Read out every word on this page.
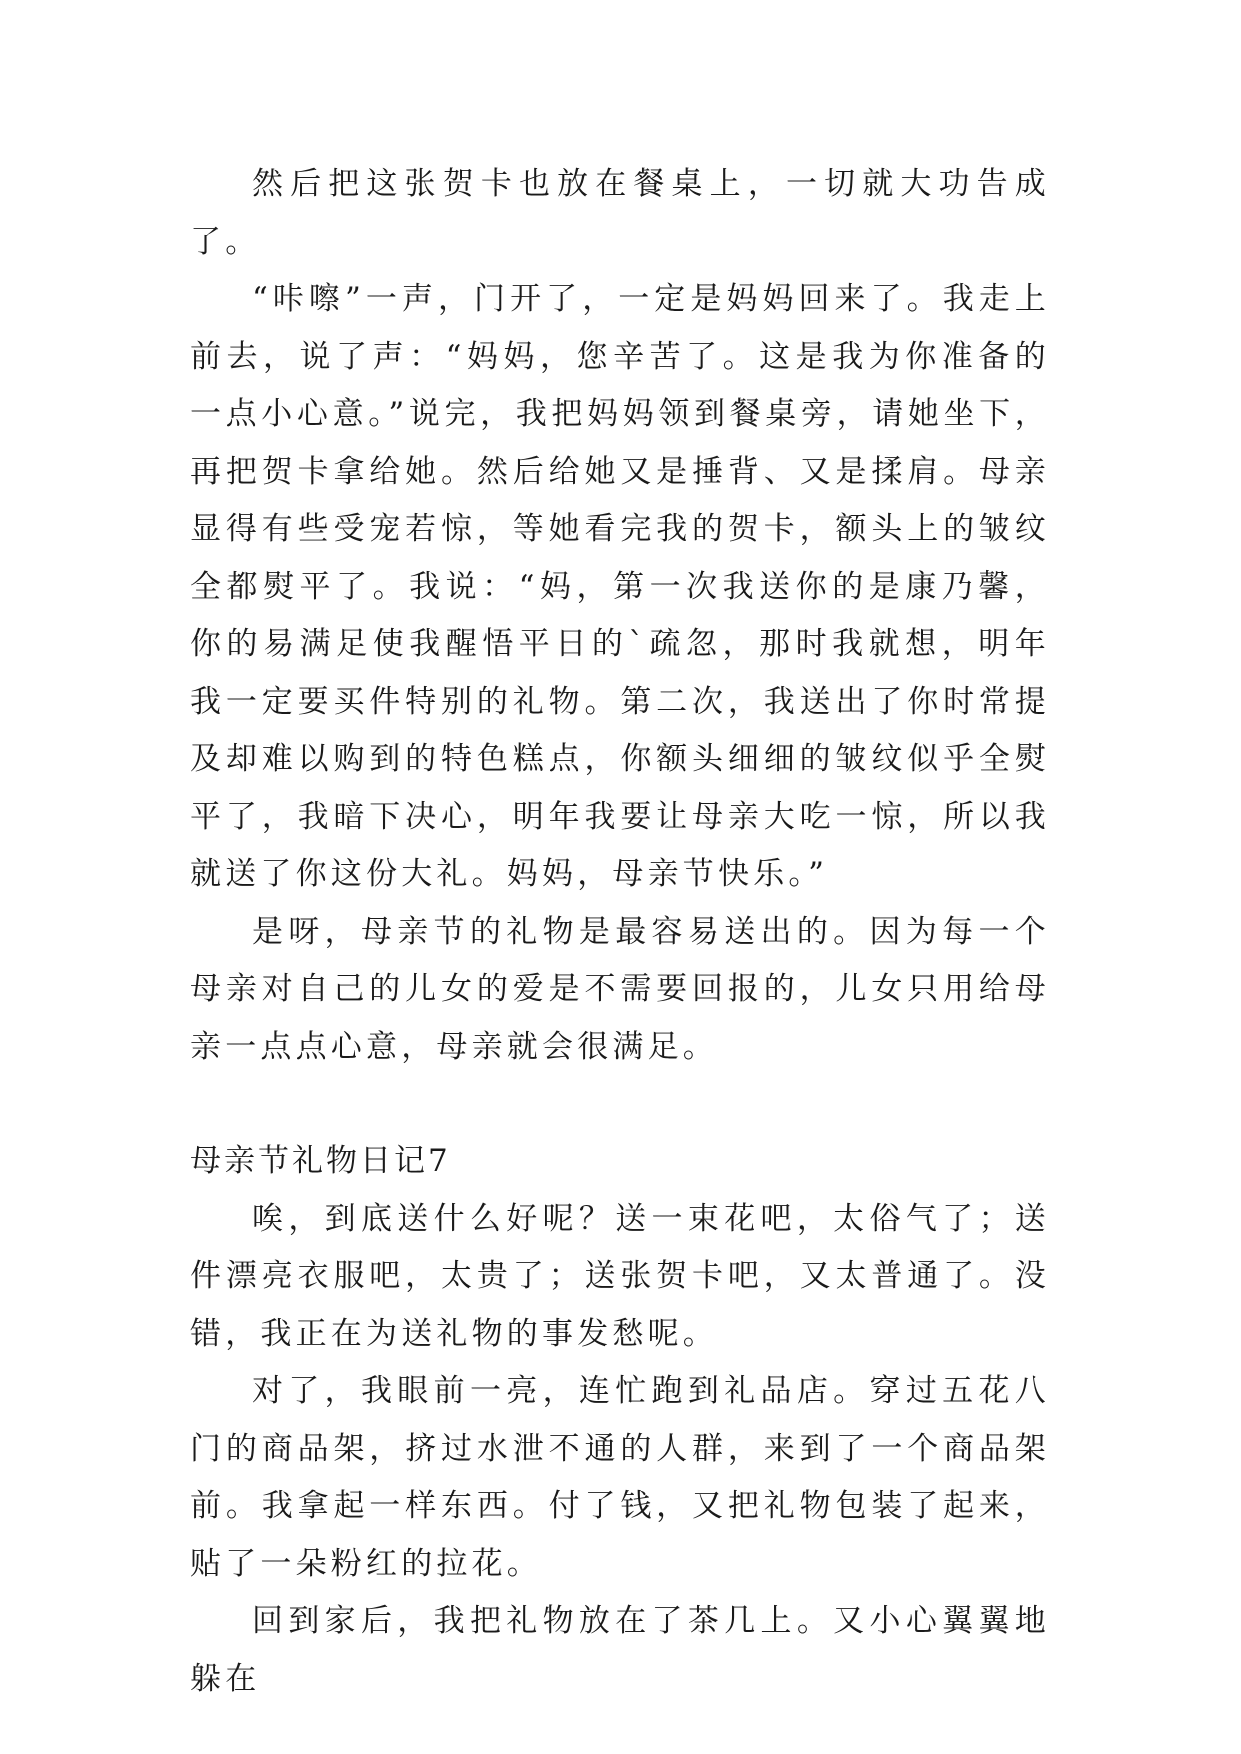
然后把这张贺卡也放在餐桌上，一切就大功告成了。

“咔嚓”一声，门开了，一定是妈妈回来了。我走上前去，说了声：“妈妈，您辛苦了。这是我为你准备的一点小心意。”说完，我把妈妈领到餐桌旁，请她坐下，再把贺卡拿给她。然后给她又是捶背、又是揉肩。母亲显得有些受宠若惊，等她看完我的贺卡，额头上的皱纹全都熨平了。我说：“妈，第一次我送你的是康乃馨，你的易满足使我醒悟平日的`疏忽，那时我就想，明年我一定要买件特别的礼物。第二次，我送出了你时常提及却难以购到的特色糕点，你额头细细的皱纹似乎全熨平了，我暗下决心，明年我要让母亲大吃一惊，所以我就送了你这份大礼。妈妈，母亲节快乐。”

是呀，母亲节的礼物是最容易送出的。因为每一个母亲对自己的儿女的爱是不需要回报的，儿女只用给母亲一点点心意，母亲就会很满足。

母亲节礼物日记7

唉，到底送什么好呢？送一束花吧，太俗气了；送件漂亮衣服吧，太贵了；送张贺卡吧，又太普通了。没错，我正在为送礼物的事发愁呢。

对了，我眼前一亮，连忙跑到礼品店。穿过五花八门的商品架，挤过水泄不通的人群，来到了一个商品架前。我拿起一样东西。付了钱，又把礼物包装了起来，贴了一朵粉红的拉花。

回到家后，我把礼物放在了茶几上。又小心翼翼地躲在
